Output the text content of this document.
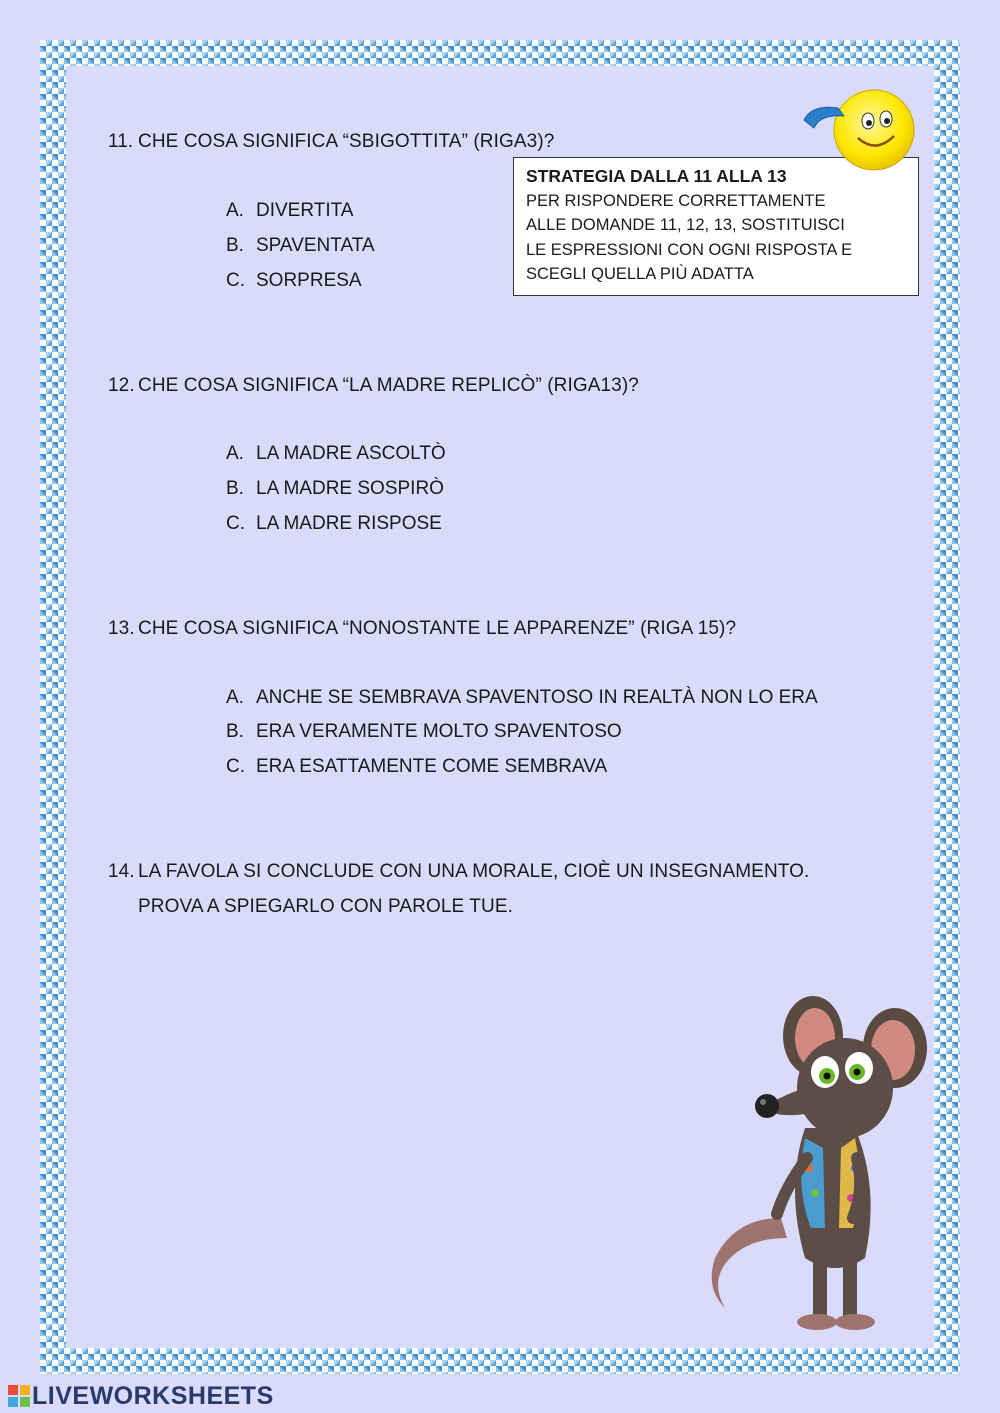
11. CHE COSA SIGNIFICA “SBIGOTTITA” (RIGA3)?
A. DIVERTITA
B. SPAVENTATA
C. SORPRESA
STRATEGIA DALLA 11 ALLA 13
PER RISPONDERE CORRETTAMENTE
ALLE DOMANDE 11, 12, 13, SOSTITUISCI
LE ESPRESSIONI CON OGNI RISPOSTA E
SCEGLI QUELLA PIÙ ADATTA
12. CHE COSA SIGNIFICA “LA MADRE REPLICÒ” (RIGA13)?
A. LA MADRE ASCOLTÒ
B. LA MADRE SOSPIRÒ
C. LA MADRE RISPOSE
13. CHE COSA SIGNIFICA “NONOSTANTE LE APPARENZE” (RIGA 15)?
A. ANCHE SE SEMBRAVA SPAVENTOSO IN REALTÀ NON LO ERA
B. ERA VERAMENTE MOLTO SPAVENTOSO
C. ERA ESATTAMENTE COME SEMBRAVA
14. LA FAVOLA SI CONCLUDE CON UNA MORALE, CIOÈ UN INSEGNAMENTO.
PROVA A SPIEGARLO CON PAROLE TUE.
LIVEWORKSHEETS
